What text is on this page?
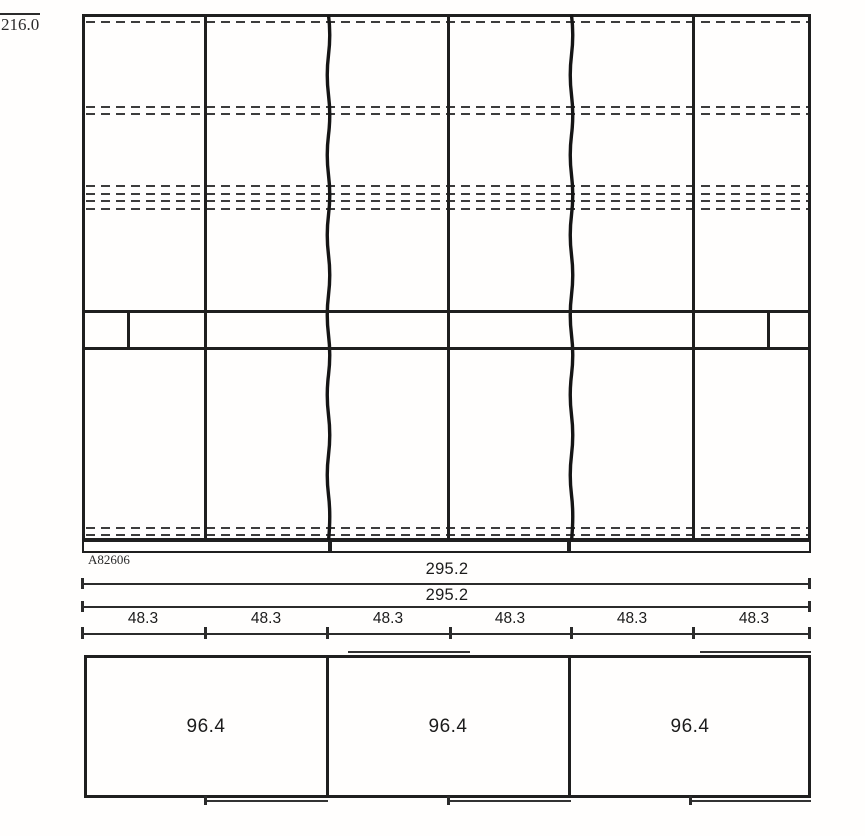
216.0
A82606
295.2
295.2
48.3	48.3	48.3	48.3	48.3	48.3
96.4	96.4	96.4
